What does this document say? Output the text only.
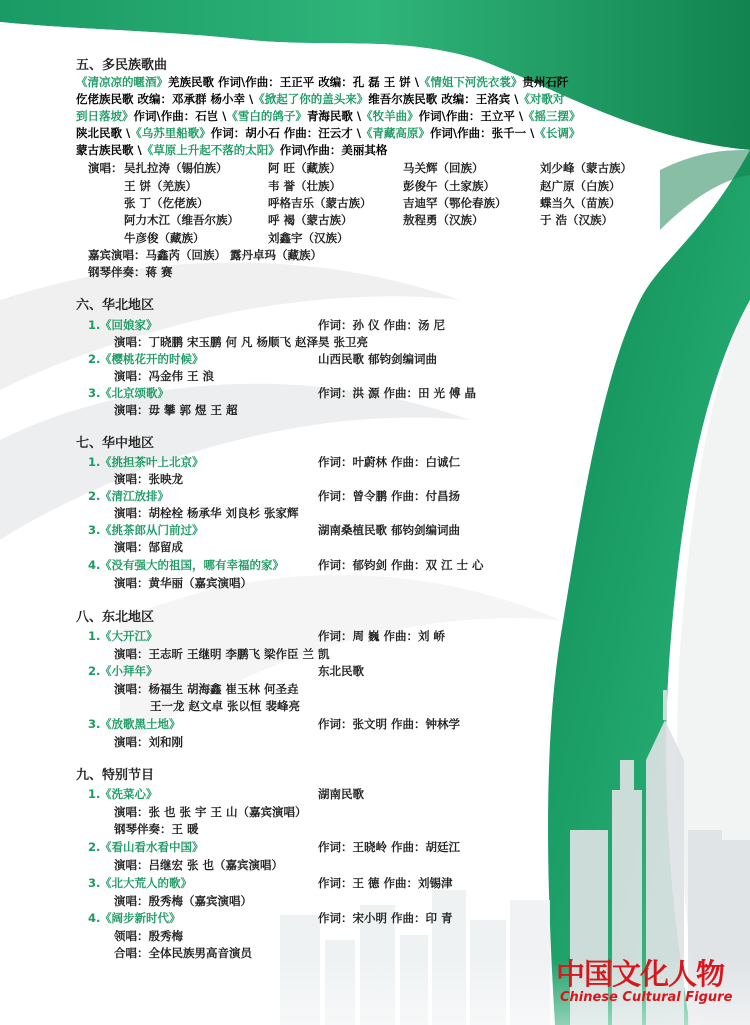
五、多民族歌曲
《清凉凉的暱酒》羌族民歌 作词\作曲：王正平 改编：孔 磊 王 饼 \《情姐下河洗衣裳》贵州石阡
仡佬族民歌 改编：邓承群 杨小幸 \《掀起了你的盖头来》维吾尔族民歌 改编：王洛宾 \《对歌对
到日落坡》作词\作曲：石岂 \《雪白的鸽子》青海民歌 \《牧羊曲》作词\作曲：王立平 \《摇三摆》
陕北民歌 \《乌苏里船歌》作词：胡小石 作曲：汪云才 \《青藏高原》作词\作曲：张千一 \《长调》
蒙古族民歌 \《草原上升起不落的太阳》作词\作曲：美丽其格
演唱： 吴扎拉涛（锡伯族）	阿 旺（藏族）	马关辉（回族）	刘少峰（蒙古族）
王 饼（羌族）	韦 誉（壮族）	彭俊午（土家族）	赵广原（白族）
张 丁（仡佬族）	呼格吉乐（蒙古族）	吉迪罕（鄂伦春族）	蝶当久（苗族）
阿力木江（维吾尔族）	呼 褐（蒙古族）	敖程勇（汉族）	于 浩（汉族）
牛彦俊（藏族）	刘鑫宇（汉族）
嘉宾演唱：马鑫芮（回族） 露丹卓玛（藏族）
钢琴伴奏：蒋 赛
六、华北地区
1. 《回娘家》	作词：孙 仪 作曲：汤 尼
演唱：丁晓鹏 宋玉鹏 何 凡 杨顺飞 赵泽昊 张卫亮
2. 《樱桃花开的时候》	山西民歌 郁钧剑编词曲
演唱：冯金伟 王 浪
3. 《北京颂歌》	作词：洪 源 作曲：田 光 傅 晶
演唱：毋 攀 郭 煜 王 超
七、华中地区
1. 《挑担茶叶上北京》	作词：叶蔚林 作曲：白诚仁
演唱：张映龙
2. 《清江放排》	作词：曾令鹏 作曲：付昌扬
演唱：胡栓栓 杨承华 刘良杉 张家辉
3. 《挑茶郎从门前过》	湖南桑植民歌 郁钧剑编词曲
演唱：郜留成
4. 《没有强大的祖国，哪有幸福的家》	作词：郁钧剑 作曲：双 江 士 心
演唱：黄华丽（嘉宾演唱）
八、东北地区
1. 《大开江》	作词：周 巍 作曲：刘 峤
演唱：王志昕 王继明 李鹏飞 梁作臣 兰 凯
2. 《小拜年》	东北民歌
演唱：杨福生 胡海鑫 崔玉林 何圣垚
王一龙 赵文卓 张以恒 裴峰亮
3. 《放歌黑土地》	作词：张文明 作曲：钟林学
演唱：刘和刚
九、特别节目
1. 《洗菜心》	湖南民歌
演唱：张 也 张 宇 王 山（嘉宾演唱）
钢琴伴奏：王 暖
2. 《看山看水看中国》	作词：王晓岭 作曲：胡廷江
演唱：吕继宏 张 也（嘉宾演唱）
3. 《北大荒人的歌》	作词：王 德 作曲：刘锡津
演唱：殷秀梅（嘉宾演唱）
4. 《阔步新时代》	作词：宋小明 作曲：印 青
领唱：殷秀梅
合唱：全体民族男高音演员
中国文化人物
Chinese Cultural Figure
